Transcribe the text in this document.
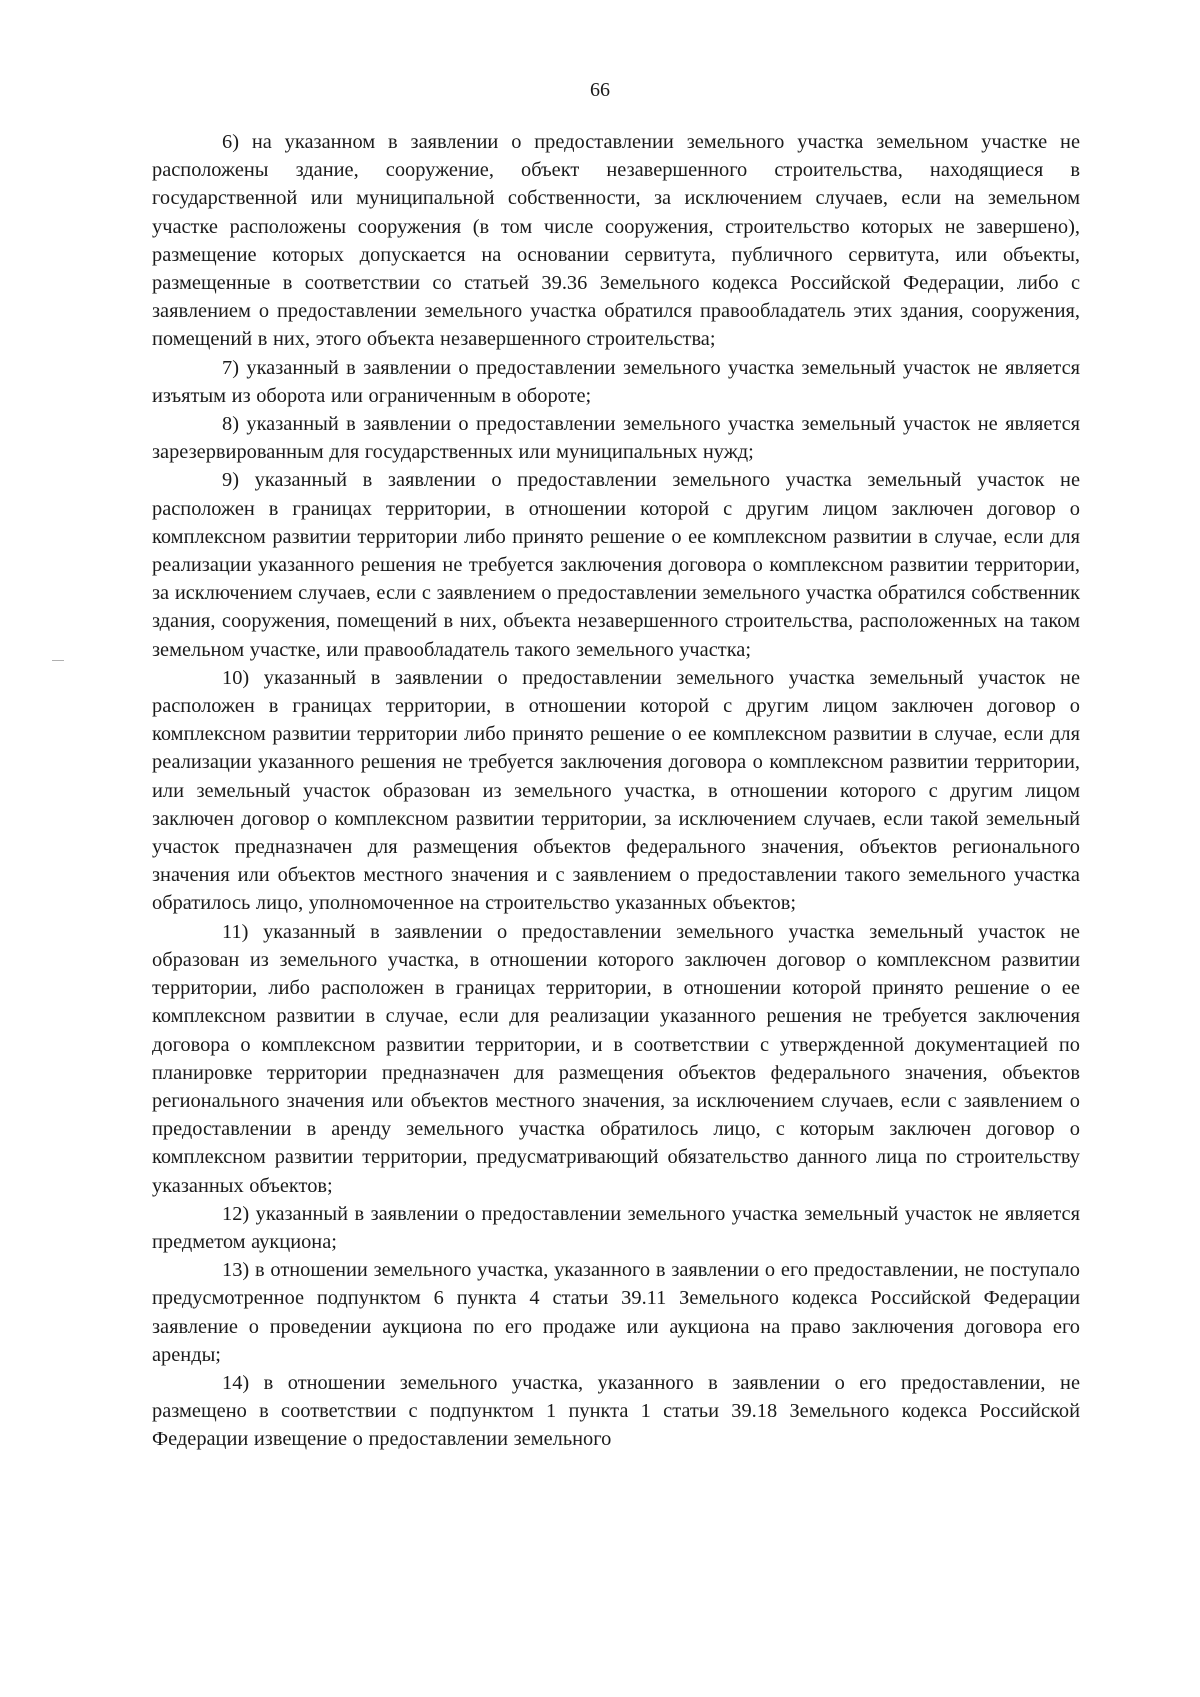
66

6) на указанном в заявлении о предоставлении земельного участка земельном участке не расположены здание, сооружение, объект незавершенного строительства, находящиеся в государственной или муниципальной собственности, за исключением случаев, если на земельном участке расположены сооружения (в том числе сооружения, строительство которых не завершено), размещение которых допускается на основании сервитута, публичного сервитута, или объекты, размещенные в соответствии со статьей 39.36 Земельного кодекса Российской Федерации, либо с заявлением о предоставлении земельного участка обратился правообладатель этих здания, сооружения, помещений в них, этого объекта незавершенного строительства;

7) указанный в заявлении о предоставлении земельного участка земельный участок не является изъятым из оборота или ограниченным в обороте;

8) указанный в заявлении о предоставлении земельного участка земельный участок не является зарезервированным для государственных или муниципальных нужд;

9) указанный в заявлении о предоставлении земельного участка земельный участок не расположен в границах территории, в отношении которой с другим лицом заключен договор о комплексном развитии территории либо принято решение о ее комплексном развитии в случае, если для реализации указанного решения не требуется заключения договора о комплексном развитии территории, за исключением случаев, если с заявлением о предоставлении земельного участка обратился собственник здания, сооружения, помещений в них, объекта незавершенного строительства, расположенных на таком земельном участке, или правообладатель такого земельного участка;

10) указанный в заявлении о предоставлении земельного участка земельный участок не расположен в границах территории, в отношении которой с другим лицом заключен договор о комплексном развитии территории либо принято решение о ее комплексном развитии в случае, если для реализации указанного решения не требуется заключения договора о комплексном развитии территории, или земельный участок образован из земельного участка, в отношении которого с другим лицом заключен договор о комплексном развитии территории, за исключением случаев, если такой земельный участок предназначен для размещения объектов федерального значения, объектов регионального значения или объектов местного значения и с заявлением о предоставлении такого земельного участка обратилось лицо, уполномоченное на строительство указанных объектов;

11) указанный в заявлении о предоставлении земельного участка земельный участок не образован из земельного участка, в отношении которого заключен договор о комплексном развитии территории, либо расположен в границах территории, в отношении которой принято решение о ее комплексном развитии в случае, если для реализации указанного решения не требуется заключения договора о комплексном развитии территории, и в соответствии с утвержденной документацией по планировке территории предназначен для размещения объектов федерального значения, объектов регионального значения или объектов местного значения, за исключением случаев, если с заявлением о предоставлении в аренду земельного участка обратилось лицо, с которым заключен договор о комплексном развитии территории, предусматривающий обязательство данного лица по строительству указанных объектов;

12) указанный в заявлении о предоставлении земельного участка земельный участок не является предметом аукциона;

13) в отношении земельного участка, указанного в заявлении о его предоставлении, не поступало предусмотренное подпунктом 6 пункта 4 статьи 39.11 Земельного кодекса Российской Федерации заявление о проведении аукциона по его продаже или аукциона на право заключения договора его аренды;

14) в отношении земельного участка, указанного в заявлении о его предоставлении, не размещено в соответствии с подпунктом 1 пункта 1 статьи 39.18 Земельного кодекса Российской Федерации извещение о предоставлении земельного
